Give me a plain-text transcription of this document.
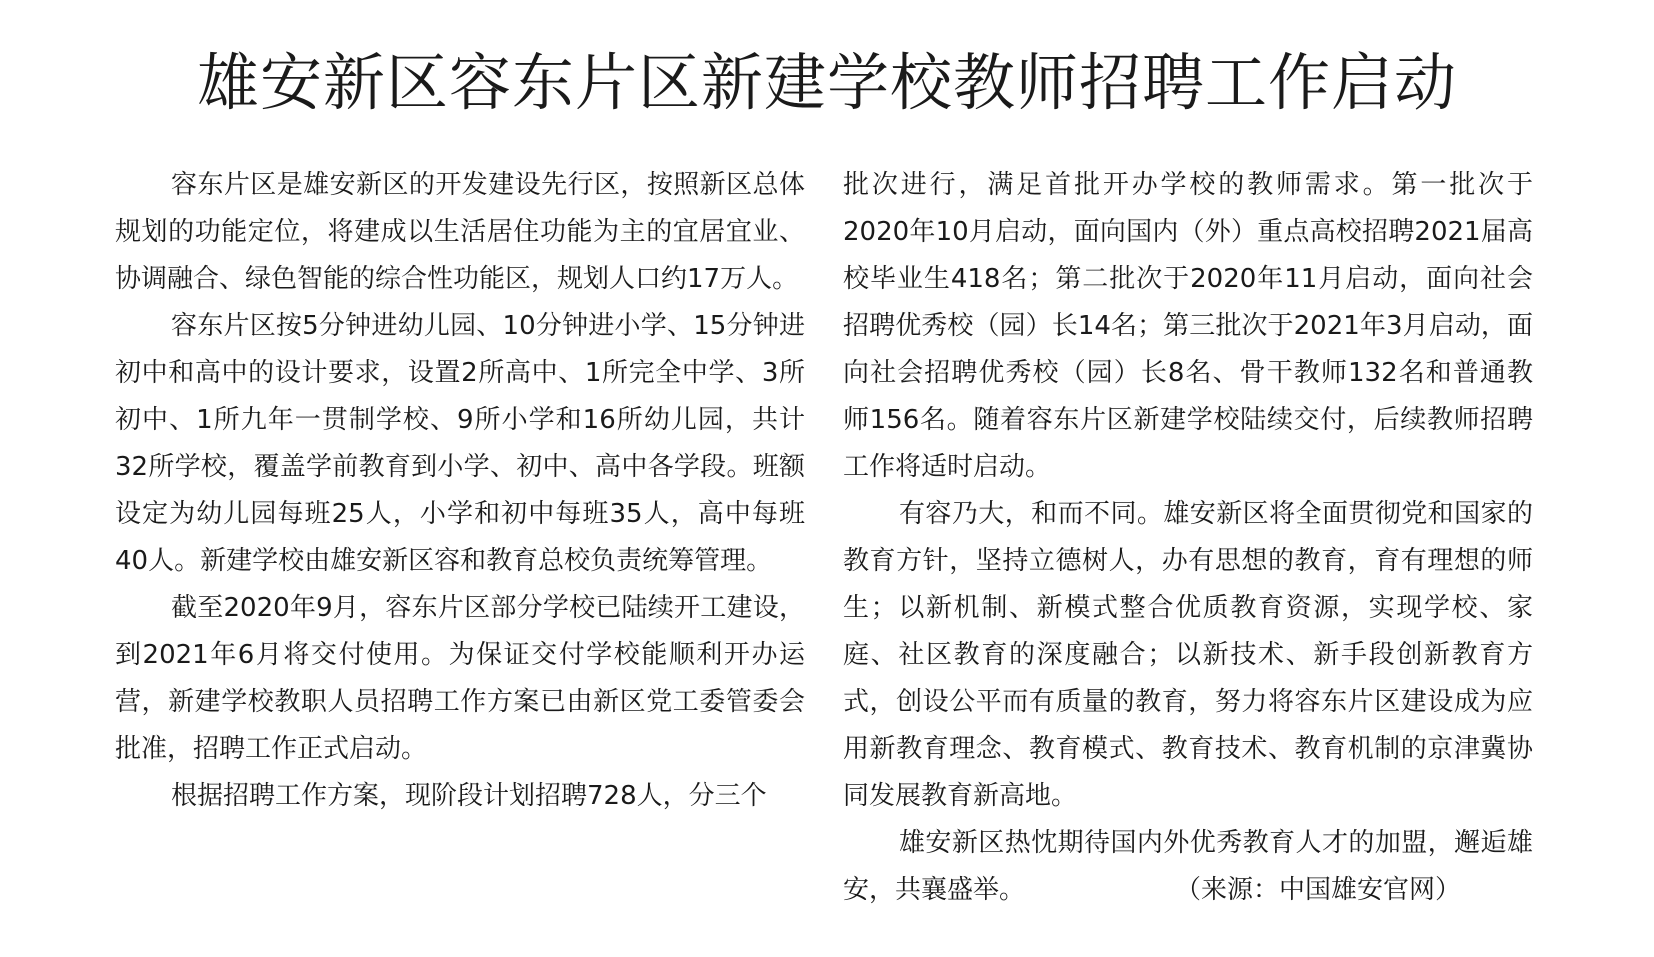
雄安新区容东片区新建学校教师招聘工作启动

容东片区是雄安新区的开发建设先行区，按照新区总体规划的功能定位，将建成以生活居住功能为主的宜居宜业、协调融合、绿色智能的综合性功能区，规划人口约17万人。

容东片区按5分钟进幼儿园、10分钟进小学、15分钟进初中和高中的设计要求，设置2所高中、1所完全中学、3所初中、1所九年一贯制学校、9所小学和16所幼儿园，共计32所学校，覆盖学前教育到小学、初中、高中各学段。班额设定为幼儿园每班25人，小学和初中每班35人，高中每班40人。新建学校由雄安新区容和教育总校负责统筹管理。

截至2020年9月，容东片区部分学校已陆续开工建设，到2021年6月将交付使用。为保证交付学校能顺利开办运营，新建学校教职人员招聘工作方案已由新区党工委管委会批准，招聘工作正式启动。

根据招聘工作方案，现阶段计划招聘728人，分三个

批次进行，满足首批开办学校的教师需求。第一批次于2020年10月启动，面向国内（外）重点高校招聘2021届高校毕业生418名；第二批次于2020年11月启动，面向社会招聘优秀校（园）长14名；第三批次于2021年3月启动，面向社会招聘优秀校（园）长8名、骨干教师132名和普通教师156名。随着容东片区新建学校陆续交付，后续教师招聘工作将适时启动。

有容乃大，和而不同。雄安新区将全面贯彻党和国家的教育方针，坚持立德树人，办有思想的教育，育有理想的师生；以新机制、新模式整合优质教育资源，实现学校、家庭、社区教育的深度融合；以新技术、新手段创新教育方式，创设公平而有质量的教育，努力将容东片区建设成为应用新教育理念、教育模式、教育技术、教育机制的京津冀协同发展教育新高地。

雄安新区热忱期待国内外优秀教育人才的加盟，邂逅雄安，共襄盛举。	（来源：中国雄安官网）
